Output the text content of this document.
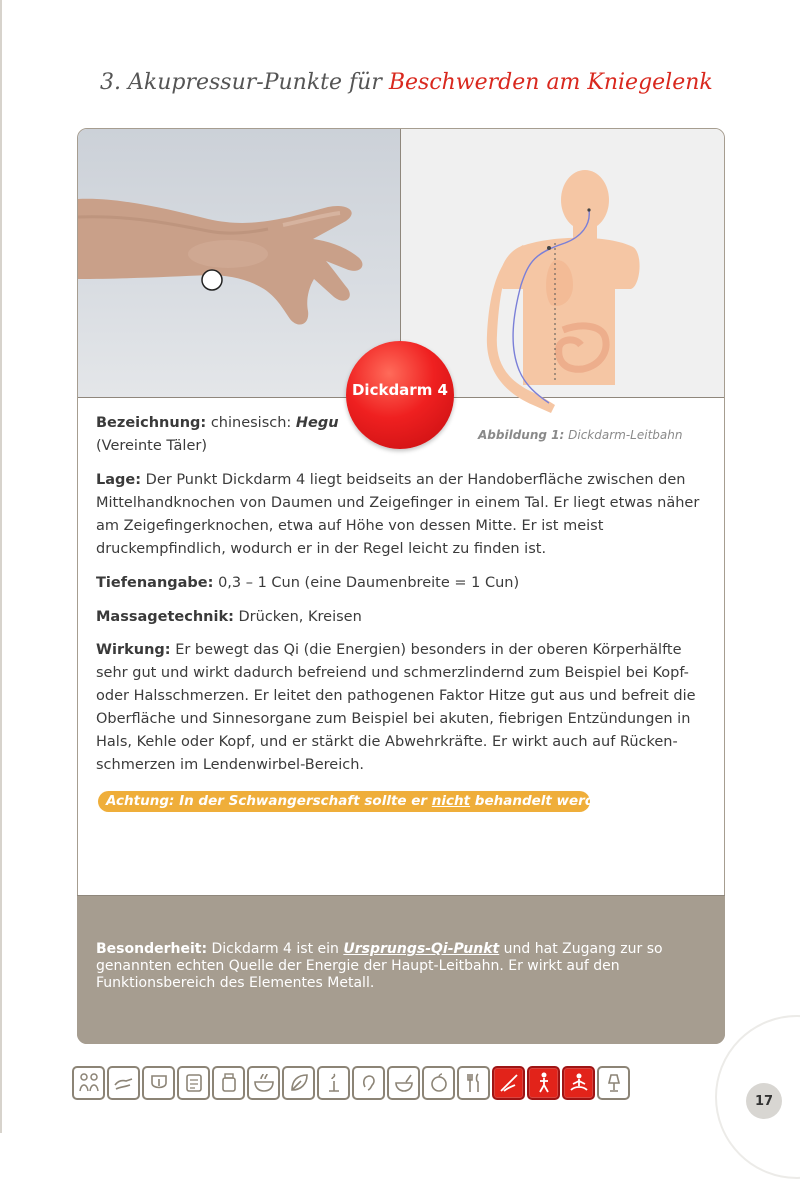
3. Akupressur-Punkte für Beschwerden am Kniegelenk
Dickdarm 4
Abbildung 1: Dickdarm-Leitbahn

Bezeichnung: chinesisch: Hegu
(Vereinte Täler)

Lage: Der Punkt Dickdarm 4 liegt beidseits an der Handoberfläche zwischen den Mittelhandknochen von Daumen und Zeigefinger in einem Tal. Er liegt etwas näher am Zeigefingerknochen, etwa auf Höhe von dessen Mitte. Er ist meist druckempfindlich, wodurch er in der Regel leicht zu finden ist.

Tiefenangabe: 0,3 – 1 Cun (eine Daumenbreite = 1 Cun)

Massagetechnik: Drücken, Kreisen

Wirkung: Er bewegt das Qi (die Energien) besonders in der oberen Körperhälfte sehr gut und wirkt dadurch befreiend und schmerzlindernd zum Beispiel bei Kopf- oder Halsschmerzen. Er leitet den pathogenen Faktor Hitze gut aus und befreit die Oberfläche und Sinnesorgane zum Beispiel bei akuten, fiebrigen Entzündungen in Hals, Kehle oder Kopf, und er stärkt die Abwehrkräfte. Er wirkt auch auf Rücken-schmerzen im Lendenwirbel-Bereich.

Achtung: In der Schwangerschaft sollte er nicht behandelt werden.

Besonderheit: Dickdarm 4 ist ein Ursprungs-Qi-Punkt und hat Zugang zur so genannten echten Quelle der Energie der Haupt-Leitbahn. Er wirkt auf den Funktionsbereich des Elementes Metall.

17
